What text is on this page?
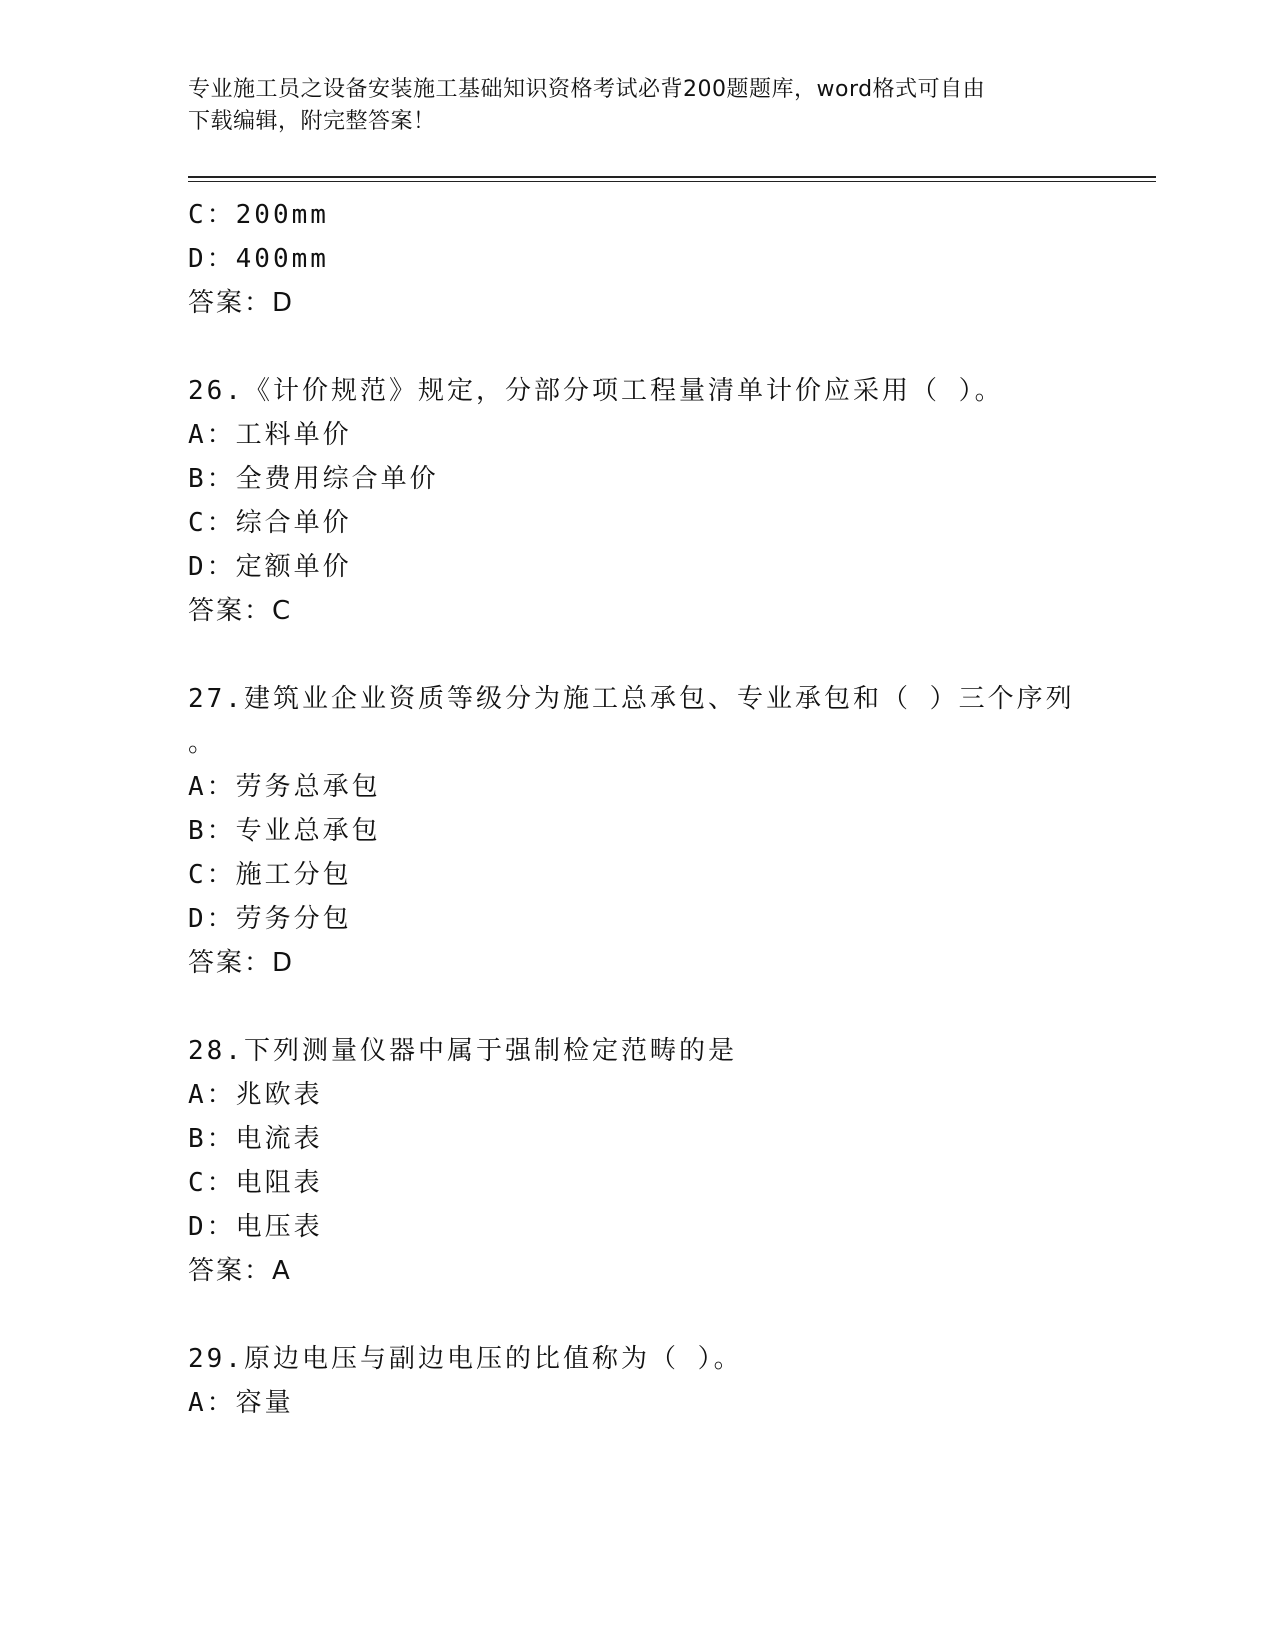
专业施工员之设备安装施工基础知识资格考试必背200题题库，word格式可自由
下载编辑，附完整答案！
C：200mm
D：400mm
答案：D
26.《计价规范》规定，分部分项工程量清单计价应采用（ ）。
A：工料单价
B：全费用综合单价
C：综合单价
D：定额单价
答案：C
27.建筑业企业资质等级分为施工总承包、专业承包和（ ）三个序列
。
A：劳务总承包
B：专业总承包
C：施工分包
D：劳务分包
答案：D
28.下列测量仪器中属于强制检定范畴的是
A：兆欧表
B：电流表
C：电阻表
D：电压表
答案：A
29.原边电压与副边电压的比值称为（ ）。
A：容量
